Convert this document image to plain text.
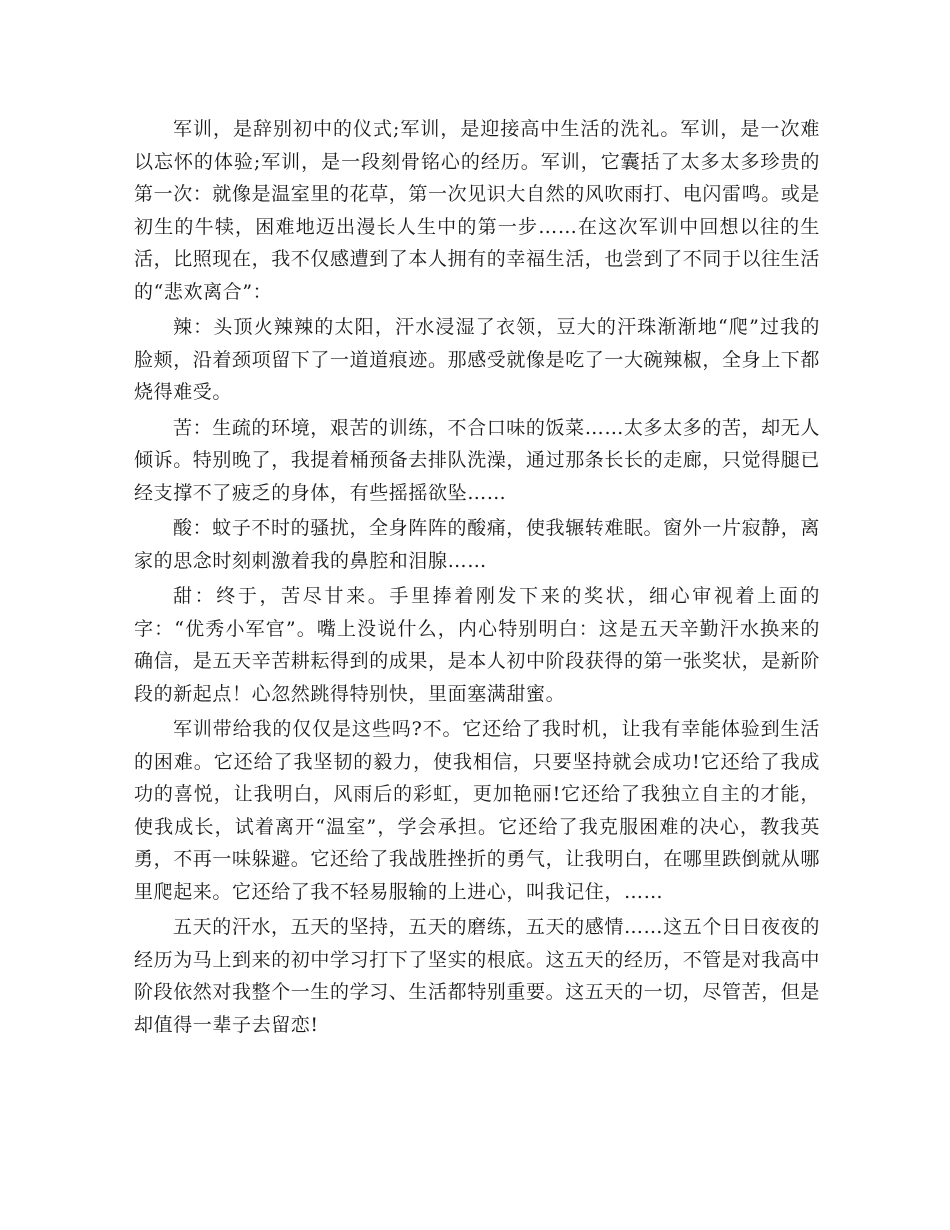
军训，是辞别初中的仪式;军训，是迎接高中生活的洗礼。军训，是一次难以忘怀的体验;军训，是一段刻骨铭心的经历。军训，它囊括了太多太多珍贵的第一次：就像是温室里的花草，第一次见识大自然的风吹雨打、电闪雷鸣。或是初生的牛犊，困难地迈出漫长人生中的第一步……在这次军训中回想以往的生活，比照现在，我不仅感遭到了本人拥有的幸福生活，也尝到了不同于以往生活的“悲欢离合”：

辣：头顶火辣辣的太阳，汗水浸湿了衣领，豆大的汗珠渐渐地“爬”过我的脸颊，沿着颈项留下了一道道痕迹。那感受就像是吃了一大碗辣椒，全身上下都烧得难受。

苦：生疏的环境，艰苦的训练，不合口味的饭菜……太多太多的苦，却无人倾诉。特别晚了，我提着桶预备去排队洗澡，通过那条长长的走廊，只觉得腿已经支撑不了疲乏的身体，有些摇摇欲坠……

酸：蚊子不时的骚扰，全身阵阵的酸痛，使我辗转难眠。窗外一片寂静，离家的思念时刻刺激着我的鼻腔和泪腺……

甜：终于，苦尽甘来。手里捧着刚发下来的奖状，细心审视着上面的字：“优秀小军官”。嘴上没说什么，内心特别明白：这是五天辛勤汗水换来的确信，是五天辛苦耕耘得到的成果，是本人初中阶段获得的第一张奖状，是新阶段的新起点！心忽然跳得特别快，里面塞满甜蜜。

军训带给我的仅仅是这些吗?不。它还给了我时机，让我有幸能体验到生活的困难。它还给了我坚韧的毅力，使我相信，只要坚持就会成功!它还给了我成功的喜悦，让我明白，风雨后的彩虹，更加艳丽!它还给了我独立自主的才能，使我成长，试着离开“温室”，学会承担。它还给了我克服困难的决心，教我英勇，不再一味躲避。它还给了我战胜挫折的勇气，让我明白，在哪里跌倒就从哪里爬起来。它还给了我不轻易服输的上进心，叫我记住，……

五天的汗水，五天的坚持，五天的磨练，五天的感情……这五个日日夜夜的经历为马上到来的初中学习打下了坚实的根底。这五天的经历，不管是对我高中阶段依然对我整个一生的学习、生活都特别重要。这五天的一切，尽管苦，但是却值得一辈子去留恋!
